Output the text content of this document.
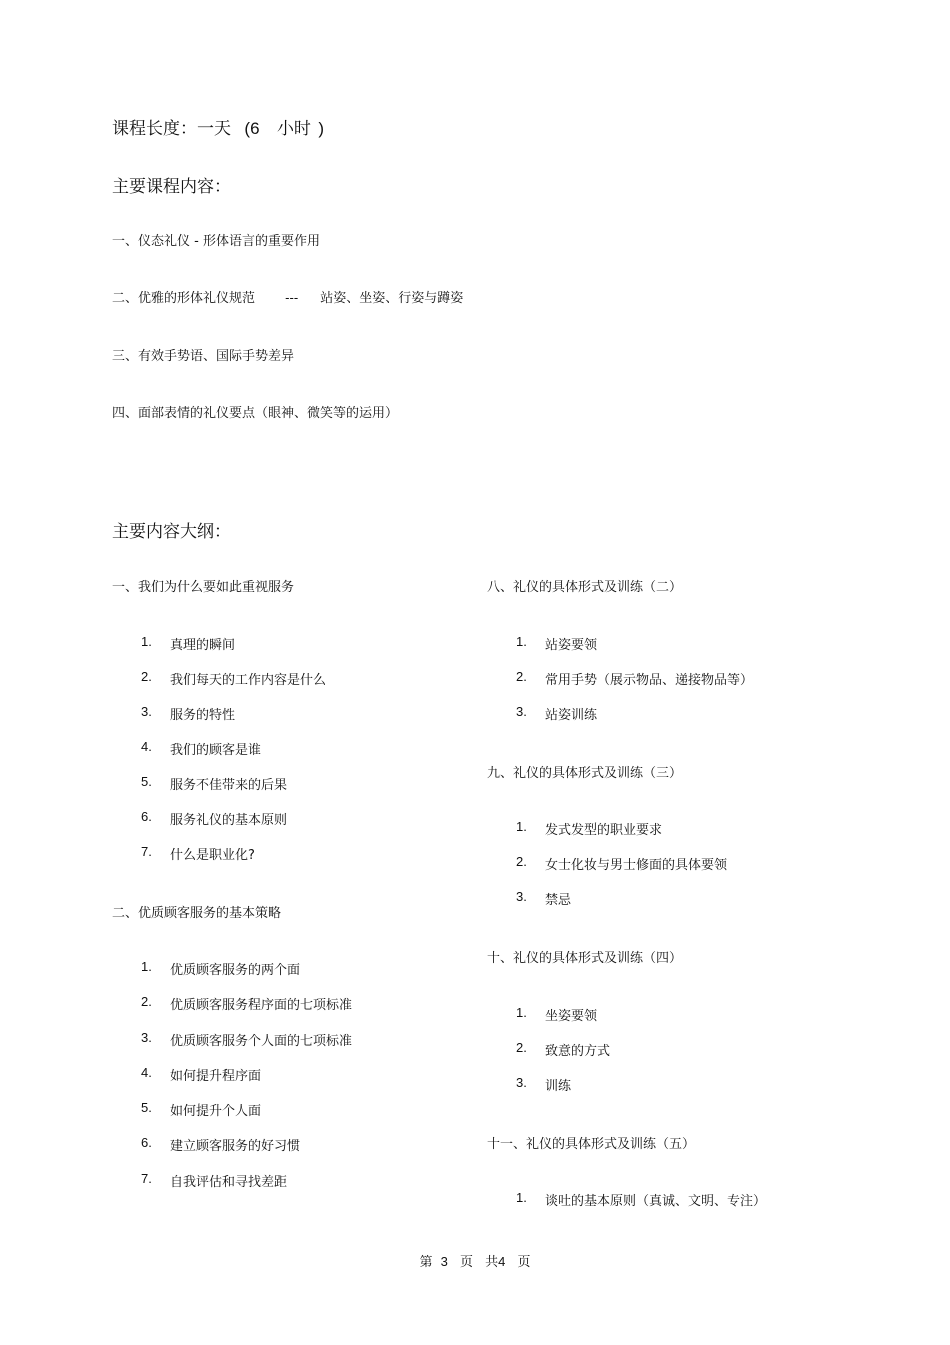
课程长度：一天 (6 小时 )
主要课程内容：
一、仪态礼仪 - 形体语言的重要作用
二、优雅的形体礼仪规范 --- 站姿、坐姿、行姿与蹲姿
三、有效手势语、国际手势差异
四、面部表情的礼仪要点（眼神、微笑等的运用）
主要内容大纲：
一、我们为什么要如此重视服务
1. 真理的瞬间
2. 我们每天的工作内容是什么
3. 服务的特性
4. 我们的顾客是谁
5. 服务不佳带来的后果
6. 服务礼仪的基本原则
7. 什么是职业化?
二、优质顾客服务的基本策略
1. 优质顾客服务的两个面
2. 优质顾客服务程序面的七项标准
3. 优质顾客服务个人面的七项标准
4. 如何提升程序面
5. 如何提升个人面
6. 建立顾客服务的好习惯
7. 自我评估和寻找差距
八、礼仪的具体形式及训练（二）
1. 站姿要领
2. 常用手势（展示物品、递接物品等）
3. 站姿训练
九、礼仪的具体形式及训练（三）
1. 发式发型的职业要求
2. 女士化妆与男士修面的具体要领
3. 禁忌
十、礼仪的具体形式及训练（四）
1. 坐姿要领
2. 致意的方式
3. 训练
十一、礼仪的具体形式及训练（五）
1. 谈吐的基本原则（真诚、文明、专注）
第 3 页 共4 页
